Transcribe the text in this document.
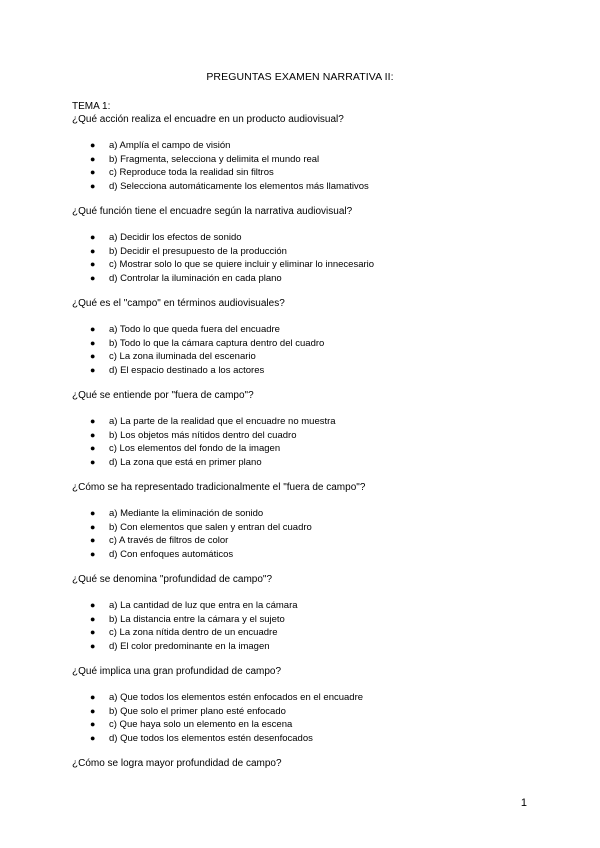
PREGUNTAS EXAMEN NARRATIVA II:

TEMA 1:

¿Qué acción realiza el encuadre en un producto audiovisual?

● a) Amplía el campo de visión
● b) Fragmenta, selecciona y delimita el mundo real
● c) Reproduce toda la realidad sin filtros
● d) Selecciona automáticamente los elementos más llamativos

¿Qué función tiene el encuadre según la narrativa audiovisual?

● a) Decidir los efectos de sonido
● b) Decidir el presupuesto de la producción
● c) Mostrar solo lo que se quiere incluir y eliminar lo innecesario
● d) Controlar la iluminación en cada plano

¿Qué es el "campo" en términos audiovisuales?

● a) Todo lo que queda fuera del encuadre
● b) Todo lo que la cámara captura dentro del cuadro
● c) La zona iluminada del escenario
● d) El espacio destinado a los actores

¿Qué se entiende por "fuera de campo"?

● a) La parte de la realidad que el encuadre no muestra
● b) Los objetos más nítidos dentro del cuadro
● c) Los elementos del fondo de la imagen
● d) La zona que está en primer plano

¿Cómo se ha representado tradicionalmente el "fuera de campo"?

● a) Mediante la eliminación de sonido
● b) Con elementos que salen y entran del cuadro
● c) A través de filtros de color
● d) Con enfoques automáticos

¿Qué se denomina "profundidad de campo"?

● a) La cantidad de luz que entra en la cámara
● b) La distancia entre la cámara y el sujeto
● c) La zona nítida dentro de un encuadre
● d) El color predominante en la imagen

¿Qué implica una gran profundidad de campo?

● a) Que todos los elementos estén enfocados en el encuadre
● b) Que solo el primer plano esté enfocado
● c) Que haya solo un elemento en la escena
● d) Que todos los elementos estén desenfocados

¿Cómo se logra mayor profundidad de campo?

1
